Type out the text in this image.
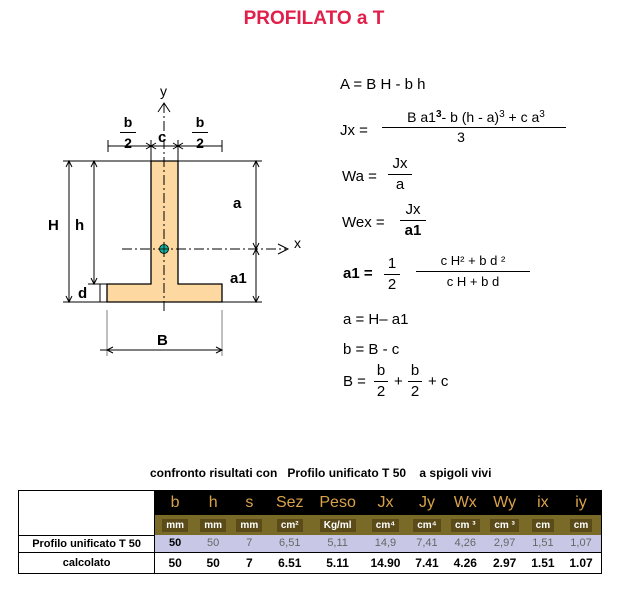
PROFILATO a T
y
x
b
2 c
b
2
H h
d
a
a1
B
A = B H - b h
Jx =
B $a1^3-$ b (h - a)$^3$ + c $a^3$
3
Wa =
Jx
a
Wex =
Jx
a1
a1 =
1
2
c H² + b d ²
c H + b d
a = H– a1
b = B - c
B =
b
2
+
b
2
+ c
confronto risultati con Profilo unificato T 50 a spigoli vivi
	b	h	s	Sez	Peso	Jx	Jy	Wx	Wy	ix	iy
	mm	mm	mm	cm²	Kg/ml	cm⁴	cm⁴	cm ³	cm ³	cm	cm
Profilo unificato T 50	50	50	7	6,51	5,11	14,9	7,41	4,26	2,97	1,51	1,07
calcolato	50	50	7	6.51	5.11	14.90	7.41	4.26	2.97	1.51	1.07
